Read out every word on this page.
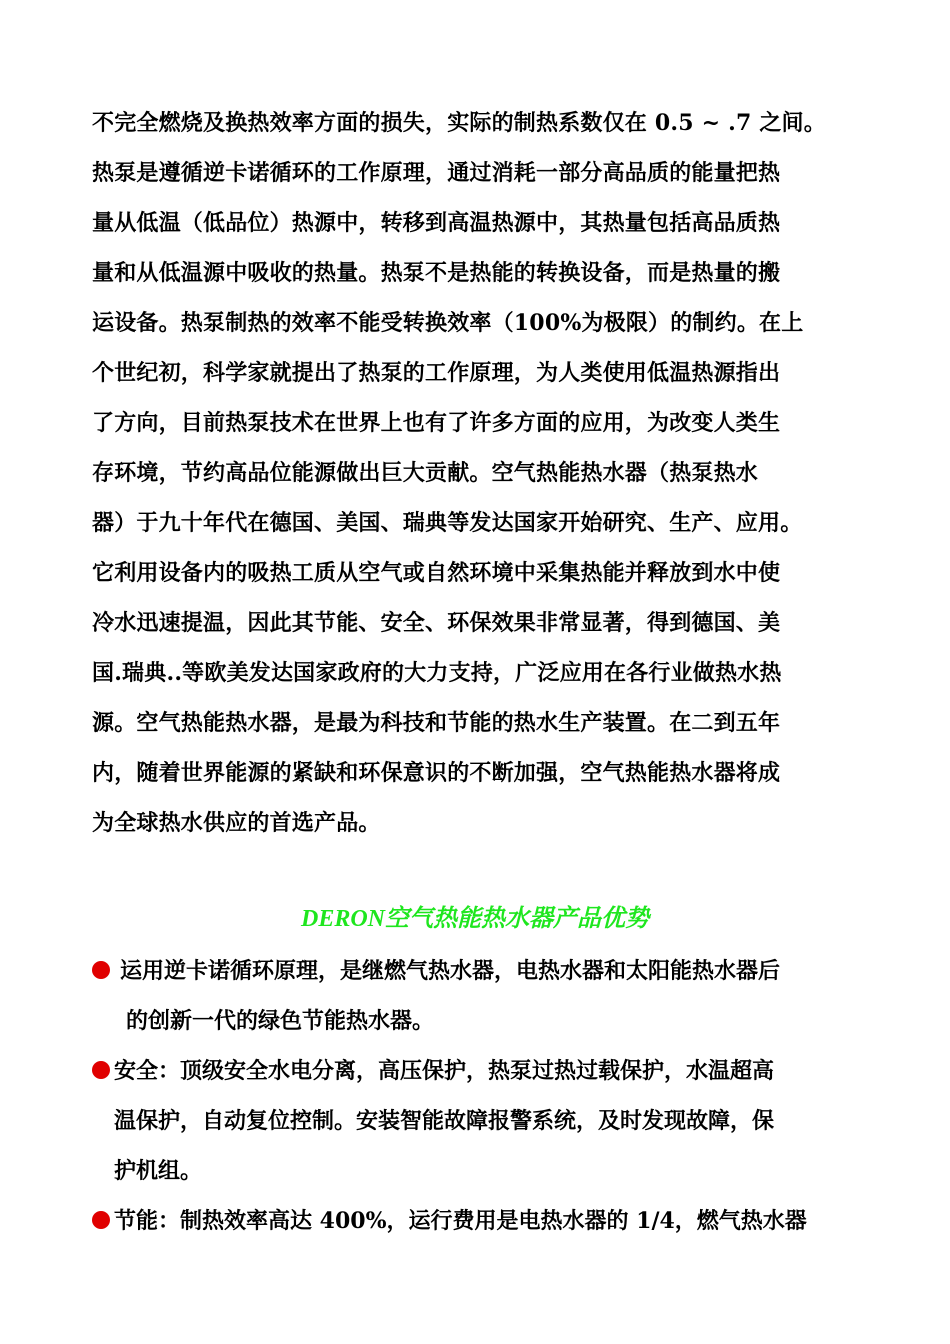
不完全燃烧及换热效率方面的损失，实际的制热系数仅在 0.5 ~ .7 之间。
热泵是遵循逆卡诺循环的工作原理，通过消耗一部分高品质的能量把热
量从低温（低品位）热源中，转移到高温热源中，其热量包括高品质热
量和从低温源中吸收的热量。热泵不是热能的转换设备，而是热量的搬
运设备。热泵制热的效率不能受转换效率（100%为极限）的制约。在上
个世纪初，科学家就提出了热泵的工作原理，为人类使用低温热源指出
了方向，目前热泵技术在世界上也有了许多方面的应用，为改变人类生
存环境，节约高品位能源做出巨大贡献。空气热能热水器（热泵热水
器）于九十年代在德国、美国、瑞典等发达国家开始研究、生产、应用。
它利用设备内的吸热工质从空气或自然环境中采集热能并释放到水中使
冷水迅速提温，因此其节能、安全、环保效果非常显著，得到德国、美
国.瑞典..等欧美发达国家政府的大力支持，广泛应用在各行业做热水热
源。空气热能热水器，是最为科技和节能的热水生产装置。在二到五年
内，随着世界能源的紧缺和环保意识的不断加强，空气热能热水器将成
为全球热水供应的首选产品。
DERON空气热能热水器产品优势
运用逆卡诺循环原理，是继燃气热水器，电热水器和太阳能热水器后
的创新一代的绿色节能热水器。
安全：顶级安全水电分离，高压保护，热泵过热过载保护，水温超高
温保护，自动复位控制。安装智能故障报警系统，及时发现故障，保
护机组。
节能：制热效率高达 400%，运行费用是电热水器的 1/4，燃气热水器
